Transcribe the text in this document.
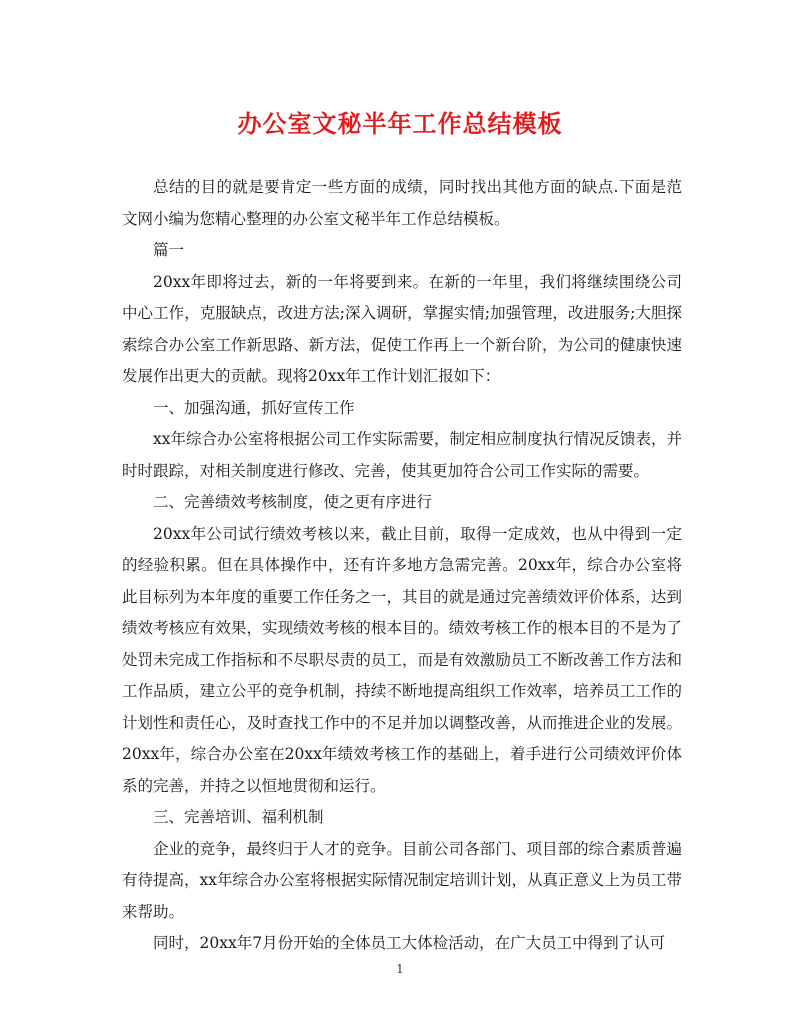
办公室文秘半年工作总结模板

总结的目的就是要肯定一些方面的成绩，同时找出其他方面的缺点.下面是范文网小编为您精心整理的办公室文秘半年工作总结模板。

篇一

20xx年即将过去，新的一年将要到来。在新的一年里，我们将继续围绕公司中心工作，克服缺点，改进方法;深入调研，掌握实情;加强管理，改进服务;大胆探索综合办公室工作新思路、新方法，促使工作再上一个新台阶，为公司的健康快速发展作出更大的贡献。现将20xx年工作计划汇报如下：

一、加强沟通，抓好宣传工作

xx年综合办公室将根据公司工作实际需要，制定相应制度执行情况反馈表，并时时跟踪，对相关制度进行修改、完善，使其更加符合公司工作实际的需要。

二、完善绩效考核制度，使之更有序进行

20xx年公司试行绩效考核以来，截止目前，取得一定成效，也从中得到一定的经验积累。但在具体操作中，还有许多地方急需完善。20xx年，综合办公室将此目标列为本年度的重要工作任务之一，其目的就是通过完善绩效评价体系，达到绩效考核应有效果，实现绩效考核的根本目的。绩效考核工作的根本目的不是为了处罚未完成工作指标和不尽职尽责的员工，而是有效激励员工不断改善工作方法和工作品质，建立公平的竞争机制，持续不断地提高组织工作效率，培养员工工作的计划性和责任心，及时查找工作中的不足并加以调整改善，从而推进企业的发展。20xx年，综合办公室在20xx年绩效考核工作的基础上，着手进行公司绩效评价体系的完善，并持之以恒地贯彻和运行。

三、完善培训、福利机制

企业的竞争，最终归于人才的竞争。目前公司各部门、项目部的综合素质普遍有待提高，xx年综合办公室将根据实际情况制定培训计划，从真正意义上为员工带来帮助。

同时，20xx年7月份开始的全体员工大体检活动，在广大员工中得到了认可

1
